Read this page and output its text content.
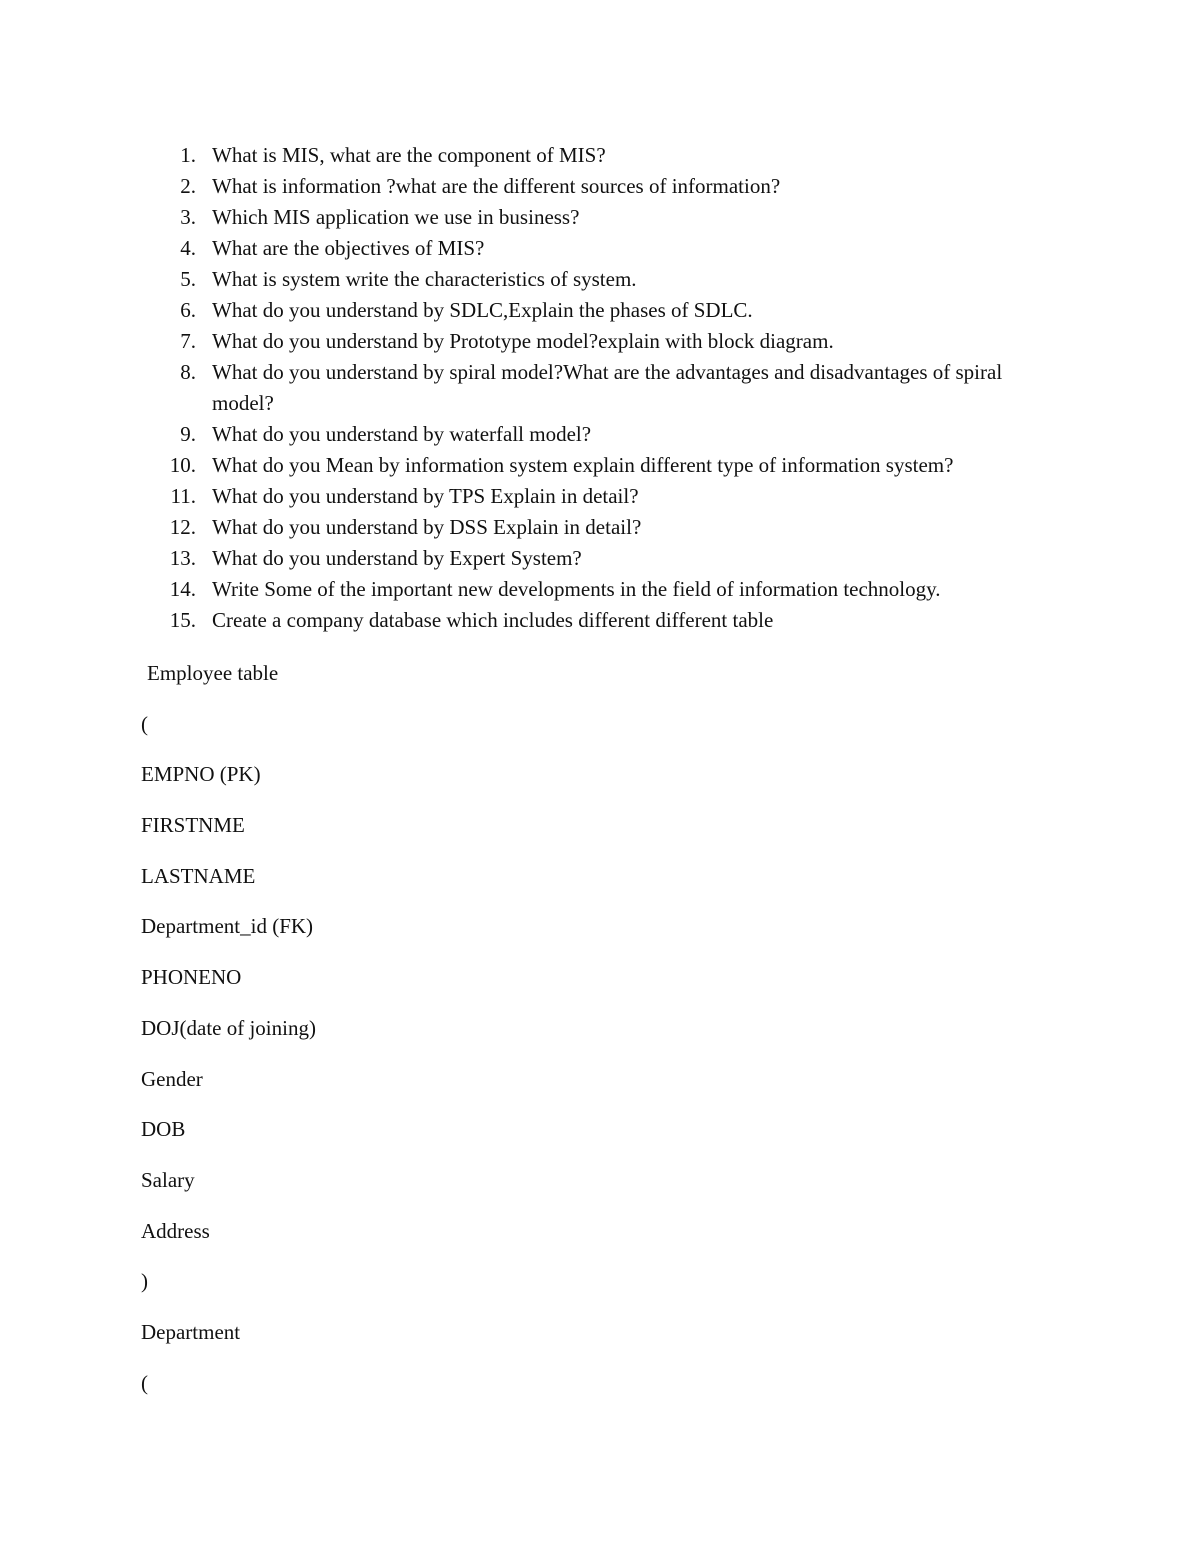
1. What is MIS, what are the component of MIS?
2. What is information ?what are the different sources of information?
3. Which MIS application we use in business?
4. What are the objectives of MIS?
5. What is system write the characteristics of system.
6. What do you understand by SDLC,Explain the phases of SDLC.
7. What do you understand by Prototype model?explain with block diagram.
8. What do you understand by spiral model?What are the advantages and disadvantages of spiral model?
9. What do you understand by waterfall model?
10. What do you Mean by information system explain different type of information system?
11. What do you understand by TPS Explain in detail?
12. What do you understand by DSS Explain in detail?
13. What do you understand by Expert System?
14. Write Some of the important new developments in the field of information technology.
15. Create a company database which includes different different table
Employee table
(
EMPNO (PK)
FIRSTNME
LASTNAME
Department_id (FK)
PHONENO
DOJ(date of joining)
Gender
DOB
Salary
Address
)
Department
(
